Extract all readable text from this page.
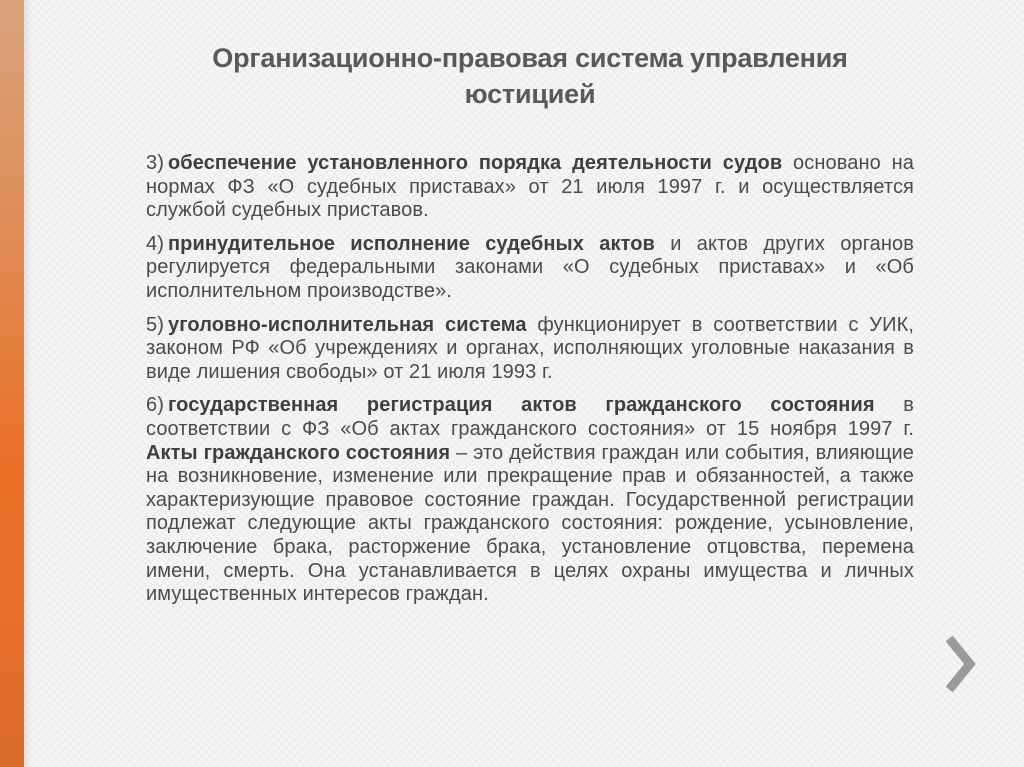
Организационно-правовая система управления юстицией

3) обеспечение установленного порядка деятельности судов основано на нормах ФЗ «О судебных приставах» от 21 июля 1997 г. и осуществляется службой судебных приставов.

4) принудительное исполнение судебных актов и актов других органов регулируется федеральными законами «О судебных приставах» и «Об исполнительном производстве».

5) уголовно-исполнительная система функционирует в соответствии с УИК, законом РФ «Об учреждениях и органах, исполняющих уголовные наказания в виде лишения свободы» от 21 июля 1993 г.

6) государственная регистрация актов гражданского состояния в соответствии с ФЗ «Об актах гражданского состояния» от 15 ноября 1997 г. Акты гражданского состояния – это действия граждан или события, влияющие на возникновение, изменение или прекращение прав и обязанностей, а также характеризующие правовое состояние граждан. Государственной регистрации подлежат следующие акты гражданского состояния: рождение, усыновление, заключение брака, расторжение брака, установление отцовства, перемена имени, смерть. Она устанавливается в целях охраны имущества и личных имущественных интересов граждан.
